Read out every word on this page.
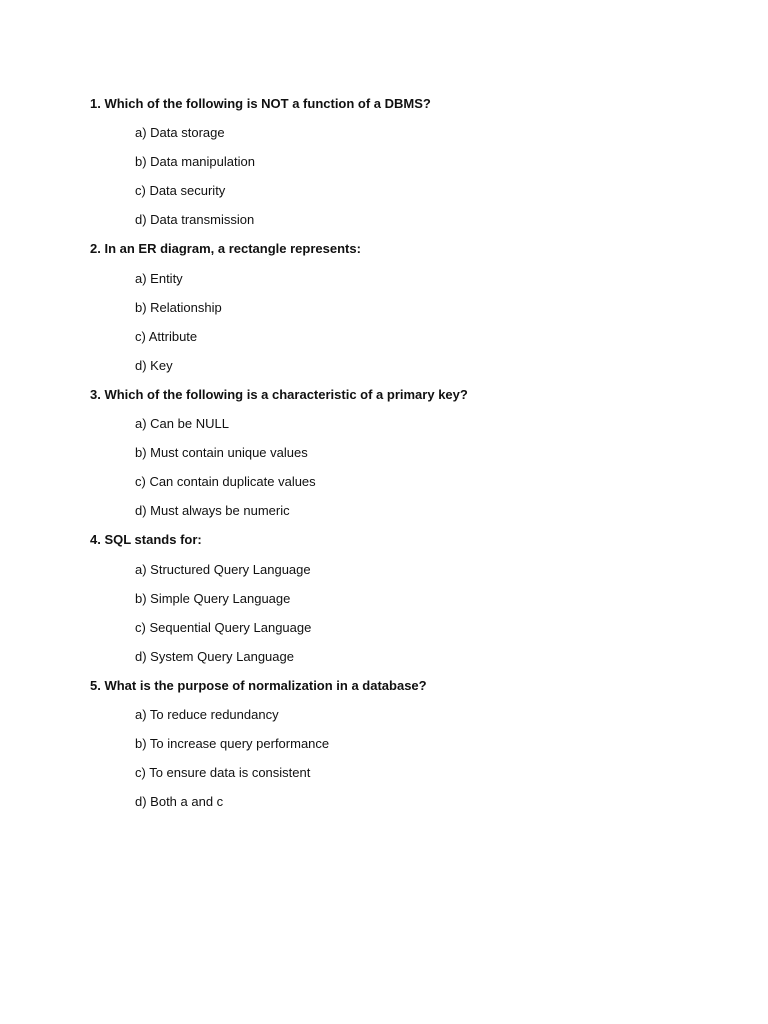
1. Which of the following is NOT a function of a DBMS?
a) Data storage
b) Data manipulation
c) Data security
d) Data transmission
2. In an ER diagram, a rectangle represents:
a) Entity
b) Relationship
c) Attribute
d) Key
3. Which of the following is a characteristic of a primary key?
a) Can be NULL
b) Must contain unique values
c) Can contain duplicate values
d) Must always be numeric
4. SQL stands for:
a) Structured Query Language
b) Simple Query Language
c) Sequential Query Language
d) System Query Language
5. What is the purpose of normalization in a database?
a) To reduce redundancy
b) To increase query performance
c) To ensure data is consistent
d) Both a and c
